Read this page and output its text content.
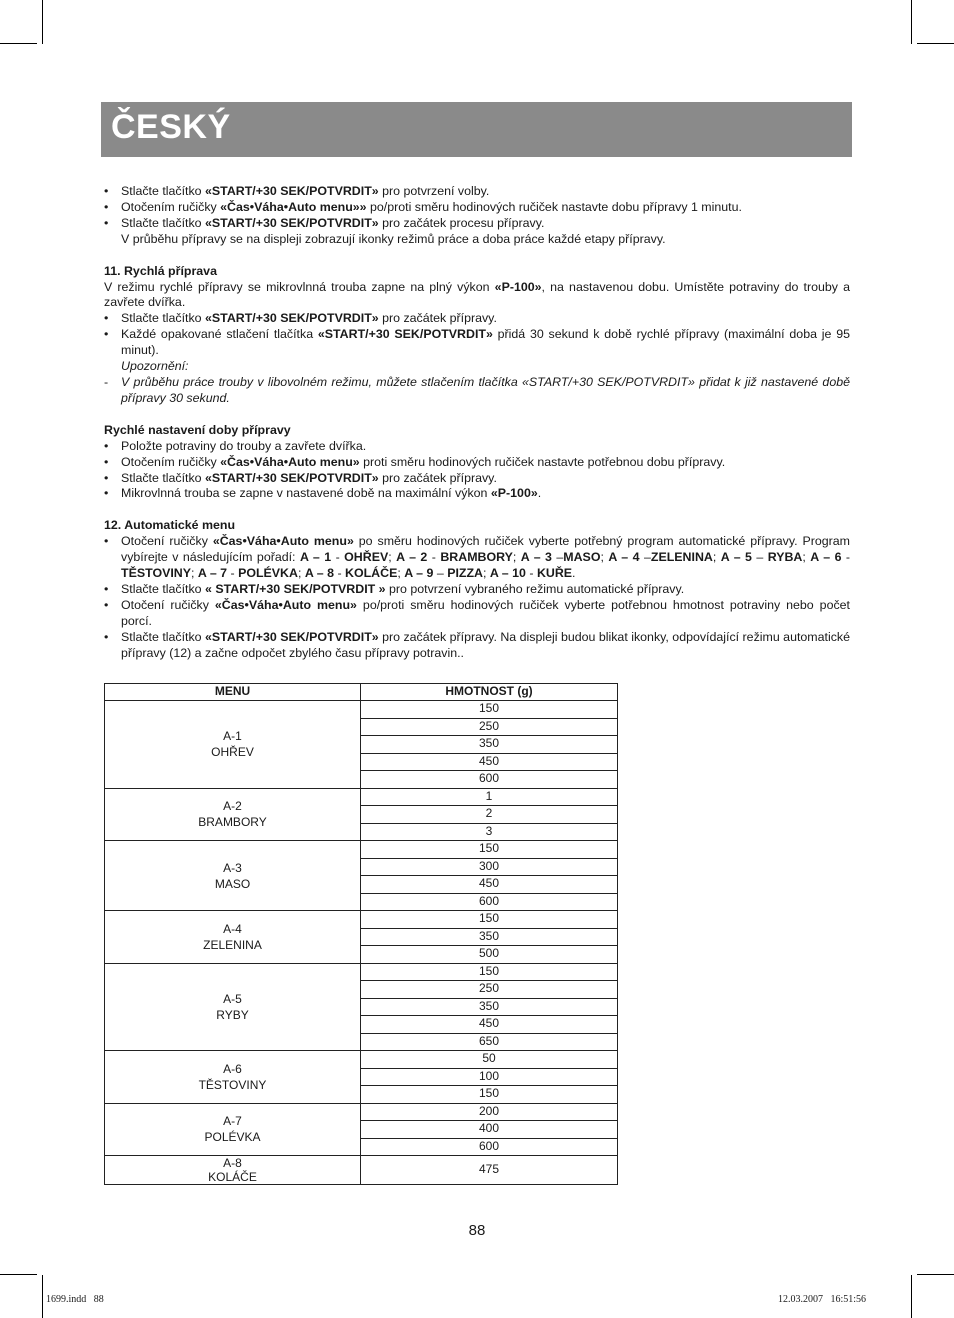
ČESKÝ
• Stlačte tlačítko «START/+30 SEK/POTVRDIT» pro potvrzení volby.
• Otočením ručičky «Čas•Váha•Auto menu»» po/proti směru hodinových ručiček nastavte dobu přípravy 1 minutu.
• Stlačte tlačítko «START/+30 SEK/POTVRDIT» pro začátek procesu přípravy.
V průběhu přípravy se na displeji zobrazují ikonky režimů práce a doba práce každé etapy přípravy.
11. Rychlá příprava
V režimu rychlé přípravy se mikrovlnná trouba zapne na plný výkon «P-100», na nastavenou dobu. Umístěte potraviny do trouby a zavřete dvířka.
• Stlačte tlačítko «START/+30 SEK/POTVRDIT» pro začátek přípravy.
• Každé opakované stlačení tlačítka «START/+30 SEK/POTVRDIT» přidá 30 sekund k době rychlé přípravy (maximální doba je 95 minut).
Upozornění:
- V průběhu práce trouby v libovolném režimu, můžete stlačením tlačítka «START/+30 SEK/POTVRDIT» přidat k již nastavené době přípravy 30 sekund.
Rychlé nastavení doby přípravy
• Položte potraviny do trouby a zavřete dvířka.
• Otočením ručičky «Čas•Váha•Auto menu» proti směru hodinových ručiček nastavte potřebnou dobu přípravy.
• Stlačte tlačítko «START/+30 SEK/POTVRDIT» pro začátek přípravy.
• Mikrovlnná trouba se zapne v nastavené době na maximální výkon «P-100».
12. Automatické menu
• Otočení ručičky «Čas•Váha•Auto menu» po směru hodinových ručiček vyberte potřebný program automatické přípravy. Program vybírejte v následujícím pořadí: A – 1 - OHŘEV; A – 2 - BRAMBORY; A – 3 –MASO; A – 4 –ZELENINA; A – 5 – RYBA; A – 6 - TĚSTOVINY; A – 7 - POLÉVKA; A – 8 - KOLÁČE; A – 9 – PIZZA; A – 10 - KUŘE.
• Stlačte tlačítko « START/+30 SEK/POTVRDIT » pro potvrzení vybraného režimu automatické přípravy.
• Otočení ručičky «Čas•Váha•Auto menu» po/proti směru hodinových ručiček vyberte potřebnou hmotnost potraviny nebo počet porcí.
• Stlačte tlačítko «START/+30 SEK/POTVRDIT» pro začátek přípravy. Na displeji budou blikat ikonky, odpovídající režimu automatické přípravy (12) a začne odpočet zbylého času přípravy potravin..
MENU	HMOTNOST (g)
A-1
OHŘEV	150
	250
	350
	450
	600
A-2
BRAMBORY	1
	2
	3
A-3
MASO	150
	300
	450
	600
A-4
ZELENINA	150
	350
	500
A-5
RYBY	150
	250
	350
	450
	650
A-6
TĚSTOVINY	50
	100
	150
A-7
POLÉVKA	200
	400
	600
A-8
KOLÁČE	475
88
1699.indd   88	12.03.2007   16:51:56
